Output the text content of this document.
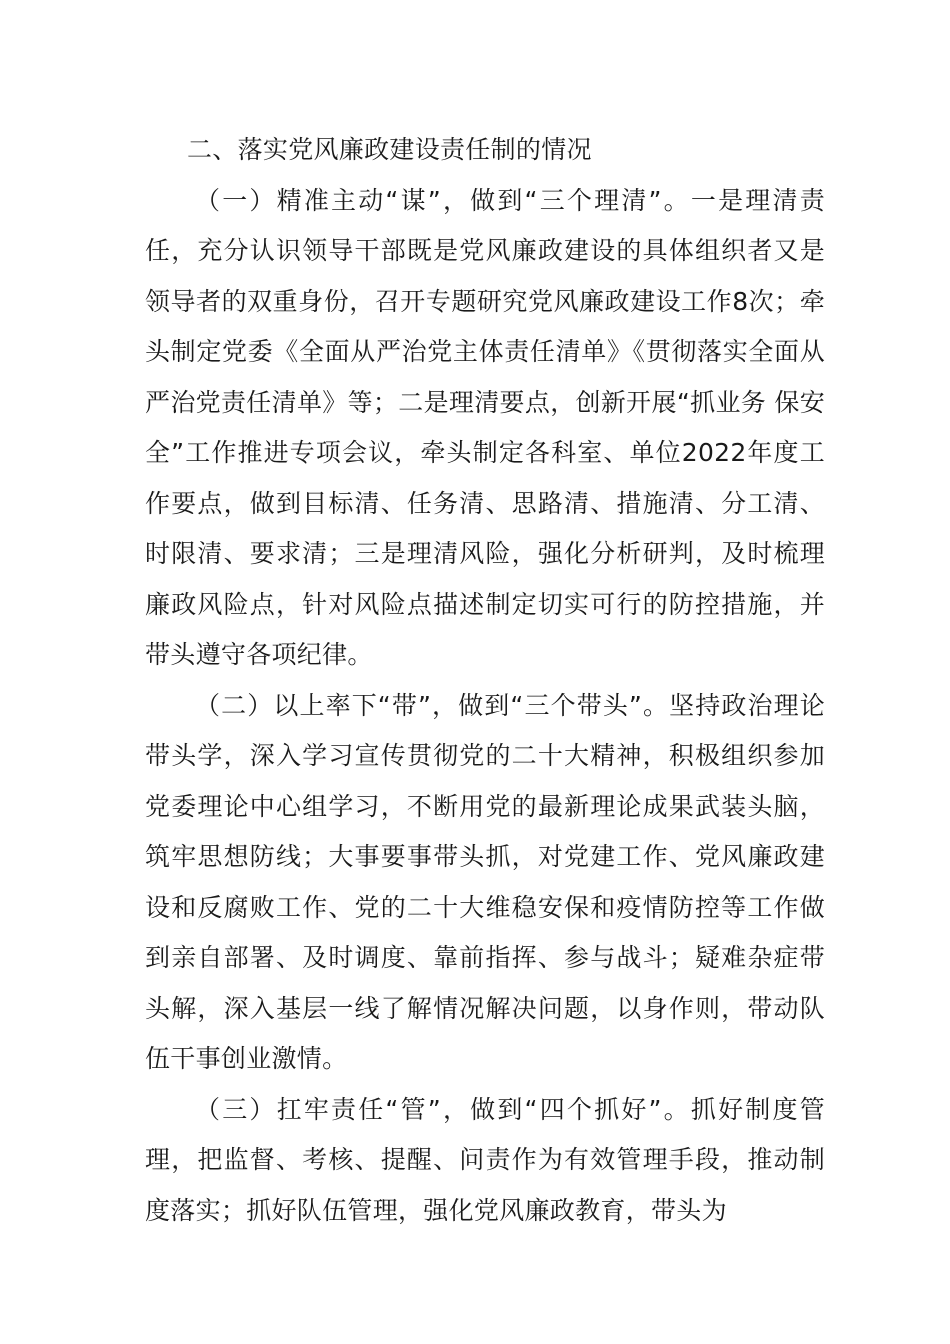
二、落实党风廉政建设责任制的情况

（一）精准主动“谋”，做到“三个理清”。一是理清责任，充分认识领导干部既是党风廉政建设的具体组织者又是领导者的双重身份，召开专题研究党风廉政建设工作8次；牵头制定党委《全面从严治党主体责任清单》《贯彻落实全面从严治党责任清单》等；二是理清要点，创新开展“抓业务 保安全”工作推进专项会议，牵头制定各科室、单位2022年度工作要点，做到目标清、任务清、思路清、措施清、分工清、时限清、要求清；三是理清风险，强化分析研判，及时梳理廉政风险点，针对风险点描述制定切实可行的防控措施，并带头遵守各项纪律。

（二）以上率下“带”，做到“三个带头”。坚持政治理论带头学，深入学习宣传贯彻党的二十大精神，积极组织参加党委理论中心组学习，不断用党的最新理论成果武装头脑，筑牢思想防线；大事要事带头抓，对党建工作、党风廉政建设和反腐败工作、党的二十大维稳安保和疫情防控等工作做到亲自部署、及时调度、靠前指挥、参与战斗；疑难杂症带头解，深入基层一线了解情况解决问题，以身作则，带动队伍干事创业激情。

（三）扛牢责任“管”，做到“四个抓好”。抓好制度管理，把监督、考核、提醒、问责作为有效管理手段，推动制度落实；抓好队伍管理，强化党风廉政教育，带头为
